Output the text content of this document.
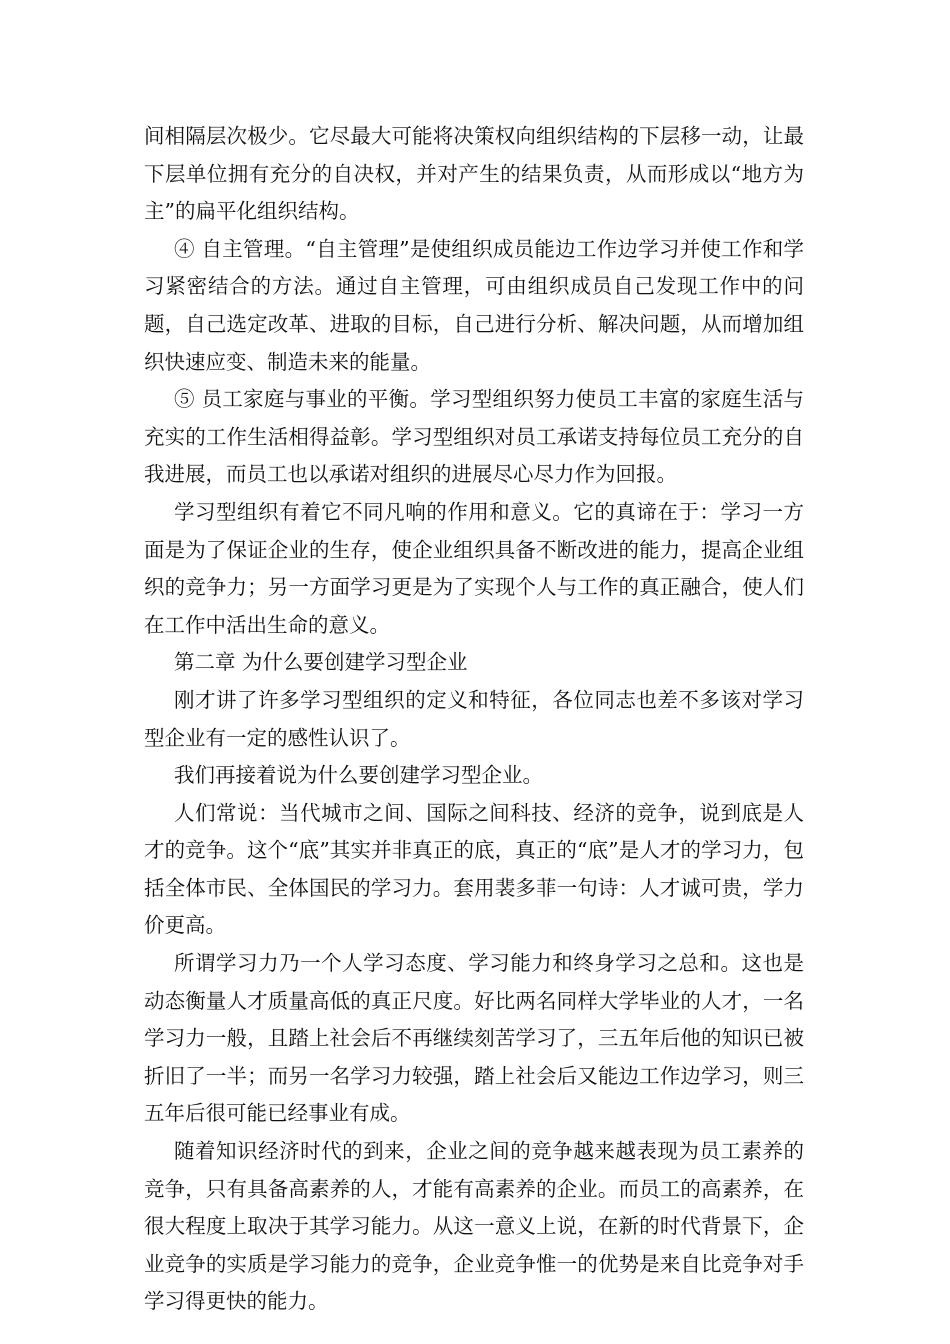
间相隔层次极少。它尽最大可能将决策权向组织结构的下层移一动，让最下层单位拥有充分的自决权，并对产生的结果负责，从而形成以“地方为主”的扁平化组织结构。

④ 自主管理。“自主管理”是使组织成员能边工作边学习并使工作和学习紧密结合的方法。通过自主管理，可由组织成员自己发现工作中的问题，自己选定改革、进取的目标，自己进行分析、解决问题，从而增加组织快速应变、制造未来的能量。

⑤ 员工家庭与事业的平衡。学习型组织努力使员工丰富的家庭生活与充实的工作生活相得益彰。学习型组织对员工承诺支持每位员工充分的自我进展，而员工也以承诺对组织的进展尽心尽力作为回报。

学习型组织有着它不同凡响的作用和意义。它的真谛在于：学习一方面是为了保证企业的生存，使企业组织具备不断改进的能力，提高企业组织的竞争力；另一方面学习更是为了实现个人与工作的真正融合，使人们在工作中活出生命的意义。

第二章 为什么要创建学习型企业

刚才讲了许多学习型组织的定义和特征，各位同志也差不多该对学习型企业有一定的感性认识了。

我们再接着说为什么要创建学习型企业。

人们常说：当代城市之间、国际之间科技、经济的竞争，说到底是人才的竞争。这个“底”其实并非真正的底，真正的“底”是人才的学习力，包括全体市民、全体国民的学习力。套用裴多菲一句诗：人才诚可贵，学力价更高。

所谓学习力乃一个人学习态度、学习能力和终身学习之总和。这也是动态衡量人才质量高低的真正尺度。好比两名同样大学毕业的人才，一名学习力一般，且踏上社会后不再继续刻苦学习了，三五年后他的知识已被折旧了一半；而另一名学习力较强，踏上社会后又能边工作边学习，则三五年后很可能已经事业有成。

随着知识经济时代的到来，企业之间的竞争越来越表现为员工素养的竞争，只有具备高素养的人，才能有高素养的企业。而员工的高素养，在很大程度上取决于其学习能力。从这一意义上说，在新的时代背景下，企业竞争的实质是学习能力的竞争，企业竞争惟一的优势是来自比竞争对手学习得更快的能力。
